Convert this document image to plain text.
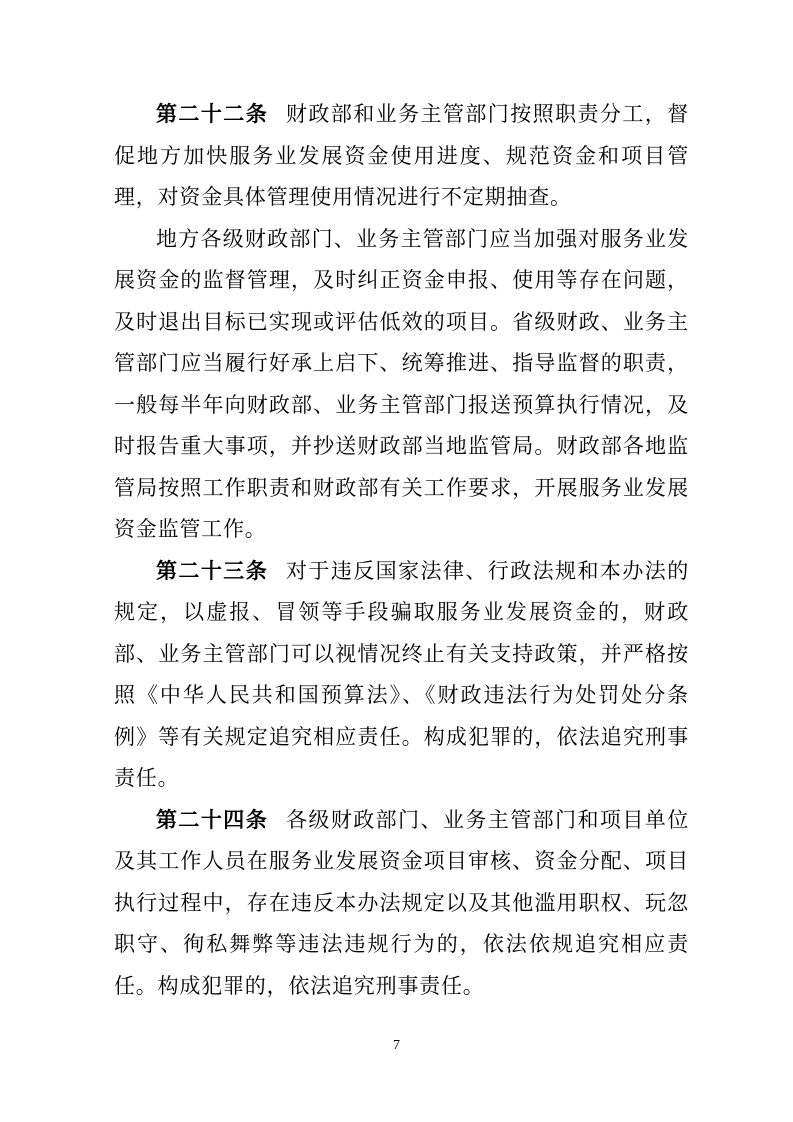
第二十二条 财政部和业务主管部门按照职责分工，督促地方加快服务业发展资金使用进度、规范资金和项目管理，对资金具体管理使用情况进行不定期抽查。

地方各级财政部门、业务主管部门应当加强对服务业发展资金的监督管理，及时纠正资金申报、使用等存在问题，及时退出目标已实现或评估低效的项目。省级财政、业务主管部门应当履行好承上启下、统筹推进、指导监督的职责，一般每半年向财政部、业务主管部门报送预算执行情况，及时报告重大事项，并抄送财政部当地监管局。财政部各地监管局按照工作职责和财政部有关工作要求，开展服务业发展资金监管工作。

第二十三条 对于违反国家法律、行政法规和本办法的规定，以虚报、冒领等手段骗取服务业发展资金的，财政部、业务主管部门可以视情况终止有关支持政策，并严格按照《中华人民共和国预算法》、《财政违法行为处罚处分条例》等有关规定追究相应责任。构成犯罪的，依法追究刑事责任。

第二十四条 各级财政部门、业务主管部门和项目单位及其工作人员在服务业发展资金项目审核、资金分配、项目执行过程中，存在违反本办法规定以及其他滥用职权、玩忽职守、徇私舞弊等违法违规行为的，依法依规追究相应责任。构成犯罪的，依法追究刑事责任。

7
